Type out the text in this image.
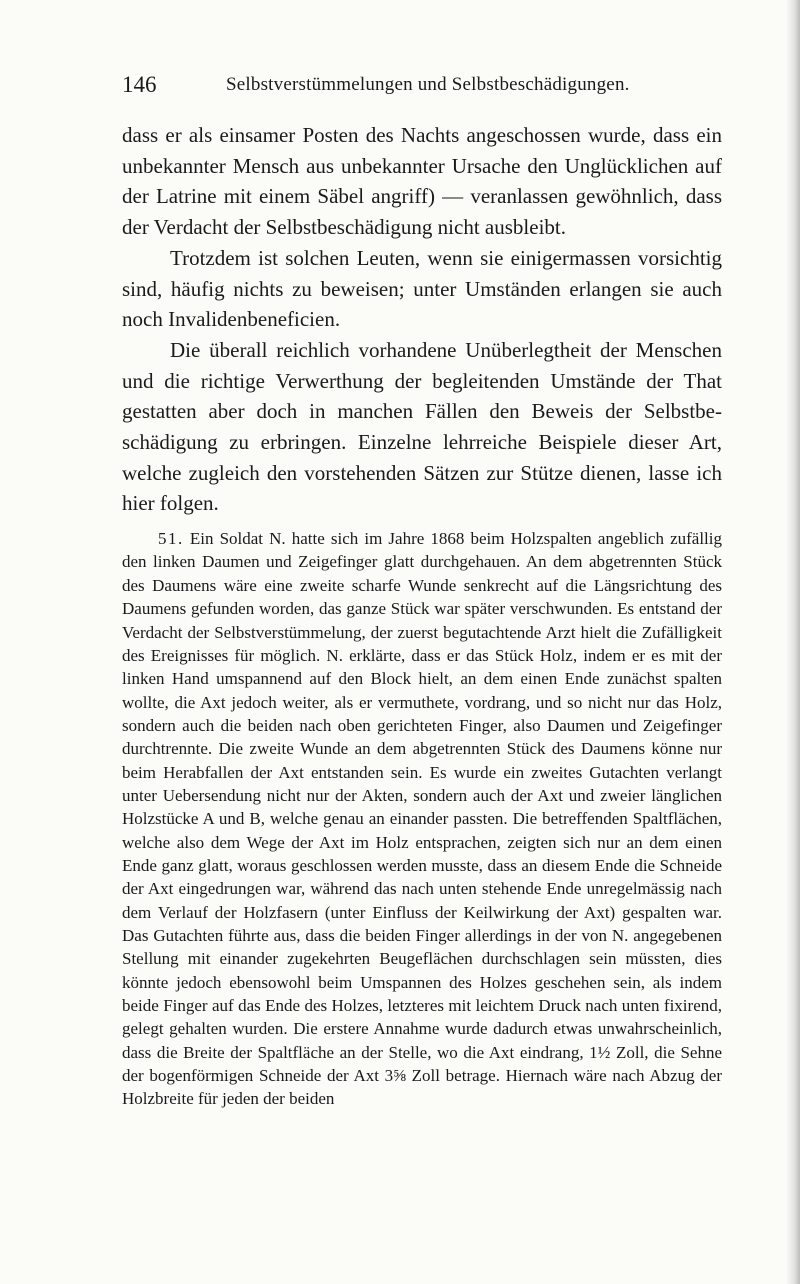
146	Selbstverstümmelungen und Selbstbeschädigungen.

dass er als einsamer Posten des Nachts angeschossen wurde, dass ein unbekannter Mensch aus unbekannter Ursache den Unglücklichen auf der Latrine mit einem Säbel angriff) — veranlassen gewöhnlich, dass der Verdacht der Selbstbeschädigung nicht ausbleibt.

Trotzdem ist solchen Leuten, wenn sie einigermassen vorsichtig sind, häufig nichts zu beweisen; unter Umständen erlangen sie auch noch Invalidenbeneficien.

Die überall reichlich vorhandene Unüberlegtheit der Menschen und die richtige Verwerthung der begleitenden Umstände der That gestatten aber doch in manchen Fällen den Beweis der Selbstbeschädigung zu erbringen. Einzelne lehrreiche Beispiele dieser Art, welche zugleich den vorstehenden Sätzen zur Stütze dienen, lasse ich hier folgen.

51. Ein Soldat N. hatte sich im Jahre 1868 beim Holzspalten angeblich zufällig den linken Daumen und Zeigefinger glatt durchgehauen. An dem abgetrennten Stück des Daumens wäre eine zweite scharfe Wunde senkrecht auf die Längsrichtung des Daumens gefunden worden, das ganze Stück war später verschwunden. Es entstand der Verdacht der Selbstverstümmelung, der zuerst begutachtende Arzt hielt die Zufälligkeit des Ereignisses für möglich. N. erklärte, dass er das Stück Holz, indem er es mit der linken Hand umspannend auf den Block hielt, an dem einen Ende zunächst spalten wollte, die Axt jedoch weiter, als er vermuthete, vordrang, und so nicht nur das Holz, sondern auch die beiden nach oben gerichteten Finger, also Daumen und Zeigefinger durchtrennte. Die zweite Wunde an dem abgetrennten Stück des Daumens könne nur beim Herabfallen der Axt entstanden sein. Es wurde ein zweites Gutachten verlangt unter Uebersendung nicht nur der Akten, sondern auch der Axt und zweier länglichen Holzstücke A und B, welche genau an einander passten. Die betreffenden Spaltflächen, welche also dem Wege der Axt im Holz entsprachen, zeigten sich nur an dem einen Ende ganz glatt, woraus geschlossen werden musste, dass an diesem Ende die Schneide der Axt eingedrungen war, während das nach unten stehende Ende unregelmässig nach dem Verlauf der Holzfasern (unter Einfluss der Keilwirkung der Axt) gespalten war. Das Gutachten führte aus, dass die beiden Finger allerdings in der von N. angegebenen Stellung mit einander zugekehrten Beugeflächen durchschlagen sein müssten, dies könnte jedoch ebensowohl beim Umspannen des Holzes geschehen sein, als indem beide Finger auf das Ende des Holzes, letzteres mit leichtem Druck nach unten fixirend, gelegt gehalten wurden. Die erstere Annahme wurde dadurch etwas unwahrscheinlich, dass die Breite der Spaltfläche an der Stelle, wo die Axt eindrang, 1½ Zoll, die Sehne der bogenförmigen Schneide der Axt 3⅝ Zoll betrage. Hiernach wäre nach Abzug der Holzbreite für jeden der beiden
